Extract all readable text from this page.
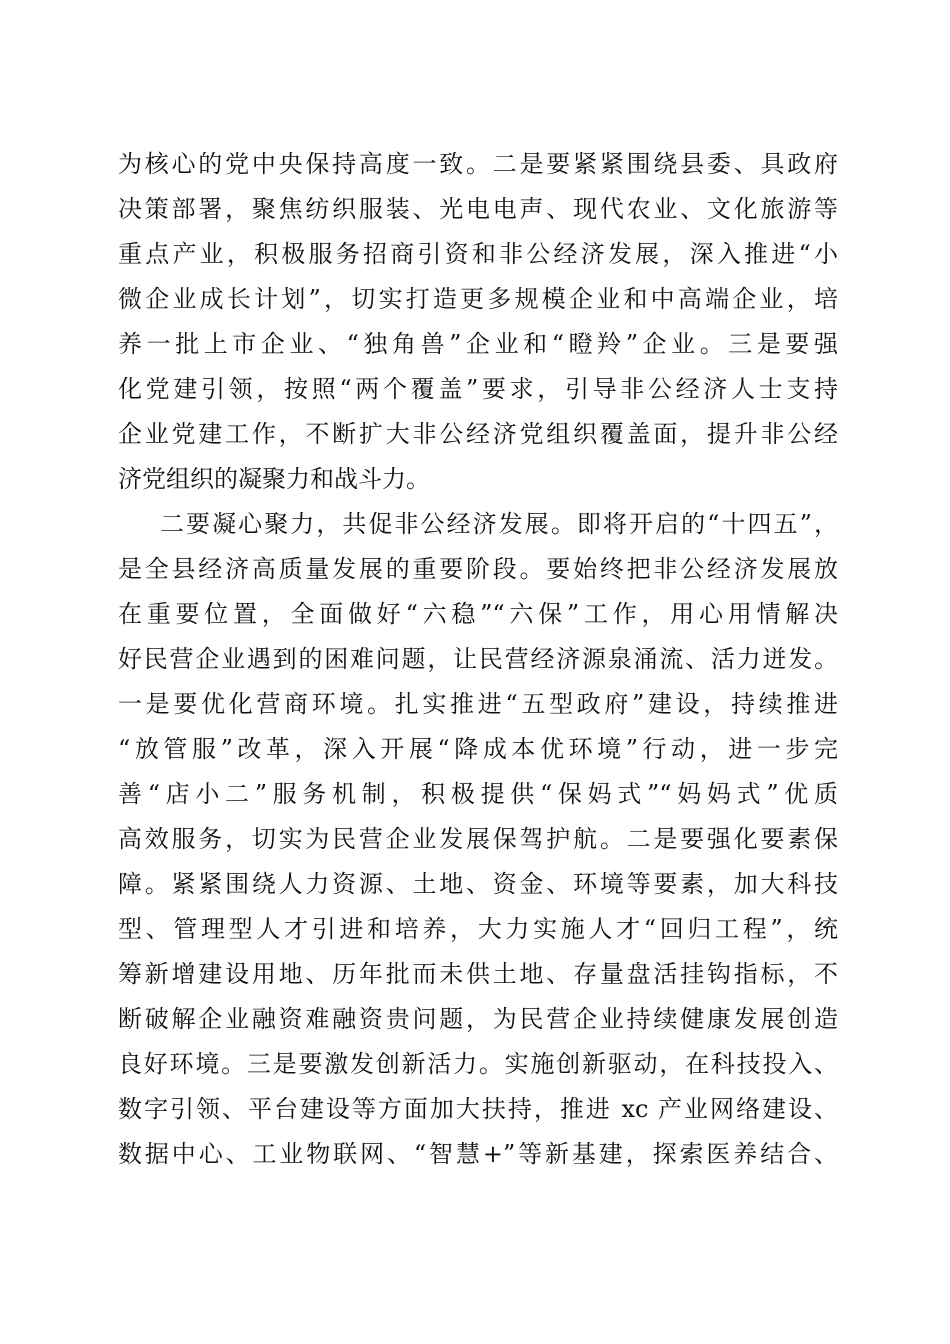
为核心的党中央保持高度一致。二是要紧紧围绕县委、具政府
决策部署，聚焦纺织服装、光电电声、现代农业、文化旅游等
重点产业，积极服务招商引资和非公经济发展，深入推进“小
微企业成长计划”，切实打造更多规模企业和中高端企业，培
养一批上市企业、“独角兽”企业和“瞪羚”企业。三是要强
化党建引领，按照“两个覆盖”要求，引导非公经济人士支持
企业党建工作，不断扩大非公经济党组织覆盖面，提升非公经
济党组织的凝聚力和战斗力。
二要凝心聚力，共促非公经济发展。即将开启的“十四五”，
是全县经济高质量发展的重要阶段。要始终把非公经济发展放
在重要位置，全面做好“六稳”“六保”工作，用心用情解决
好民营企业遇到的困难问题，让民营经济源泉涌流、活力迸发。
一是要优化营商环境。扎实推进“五型政府”建设，持续推进
“放管服”改革，深入开展“降成本优环境”行动，进一步完
善“店小二”服务机制，积极提供“保妈式”“妈妈式”优质
高效服务，切实为民营企业发展保驾护航。二是要强化要素保
障。紧紧围绕人力资源、土地、资金、环境等要素，加大科技
型、管理型人才引进和培养，大力实施人才“回归工程”，统
筹新增建设用地、历年批而未供土地、存量盘活挂钩指标，不
断破解企业融资难融资贵问题，为民营企业持续健康发展创造
良好环境。三是要激发创新活力。实施创新驱动，在科技投入、
数字引领、平台建设等方面加大扶持，推进 xc 产业网络建设、
数据中心、工业物联网、“智慧+”等新基建，探索医养结合、
